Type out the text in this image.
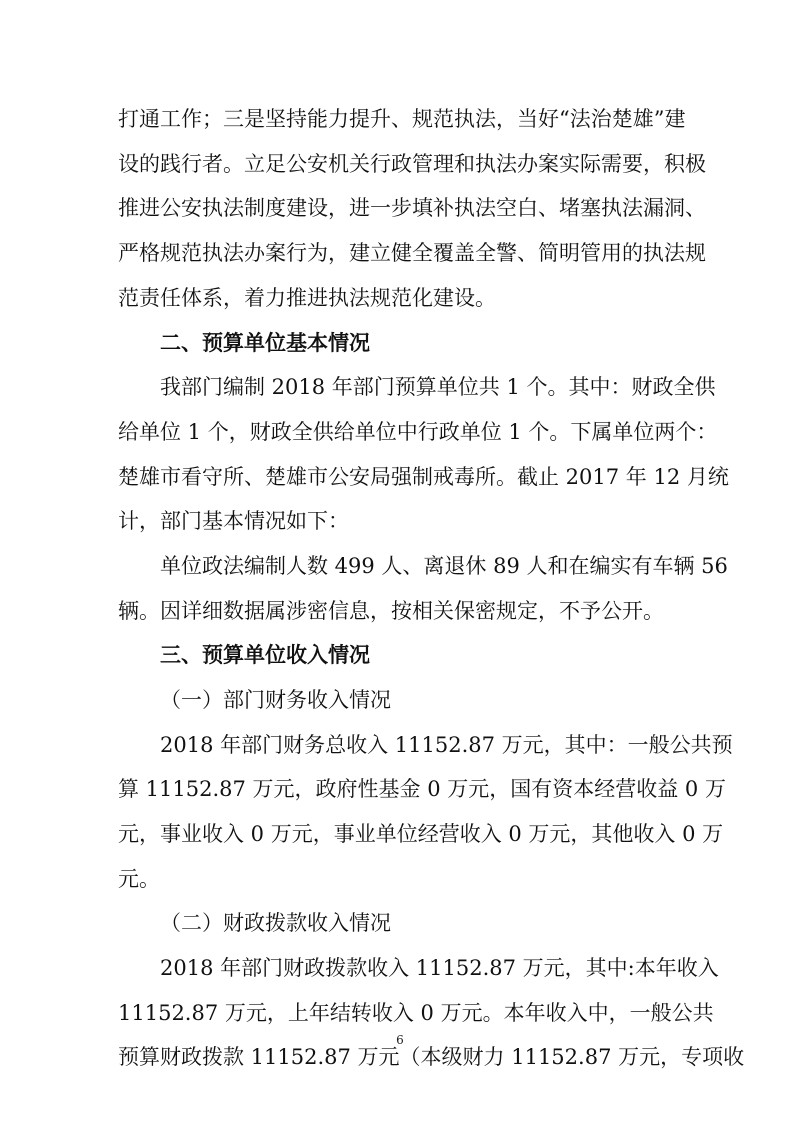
打通工作；三是坚持能力提升、规范执法，当好“法治楚雄”建
设的践行者。立足公安机关行政管理和执法办案实际需要，积极
推进公安执法制度建设，进一步填补执法空白、堵塞执法漏洞、
严格规范执法办案行为，建立健全覆盖全警、简明管用的执法规
范责任体系，着力推进执法规范化建设。
二、预算单位基本情况
我部门编制 2018 年部门预算单位共 1 个。其中：财政全供
给单位 1 个，财政全供给单位中行政单位 1 个。下属单位两个：
楚雄市看守所、楚雄市公安局强制戒毒所。截止 2017 年 12 月统
计，部门基本情况如下：
单位政法编制人数 499 人、离退休 89 人和在编实有车辆 56
辆。因详细数据属涉密信息，按相关保密规定，不予公开。
三、预算单位收入情况
（一）部门财务收入情况
2018 年部门财务总收入 11152.87 万元，其中：一般公共预
算 11152.87 万元，政府性基金 0 万元，国有资本经营收益 0 万
元，事业收入 0 万元，事业单位经营收入 0 万元，其他收入 0 万
元。
（二）财政拨款收入情况
2018 年部门财政拨款收入 11152.87 万元，其中:本年收入
11152.87 万元，上年结转收入 0 万元。本年收入中，一般公共
预算财政拨款 11152.87 万元（本级财力 11152.87 万元，专项收
6
